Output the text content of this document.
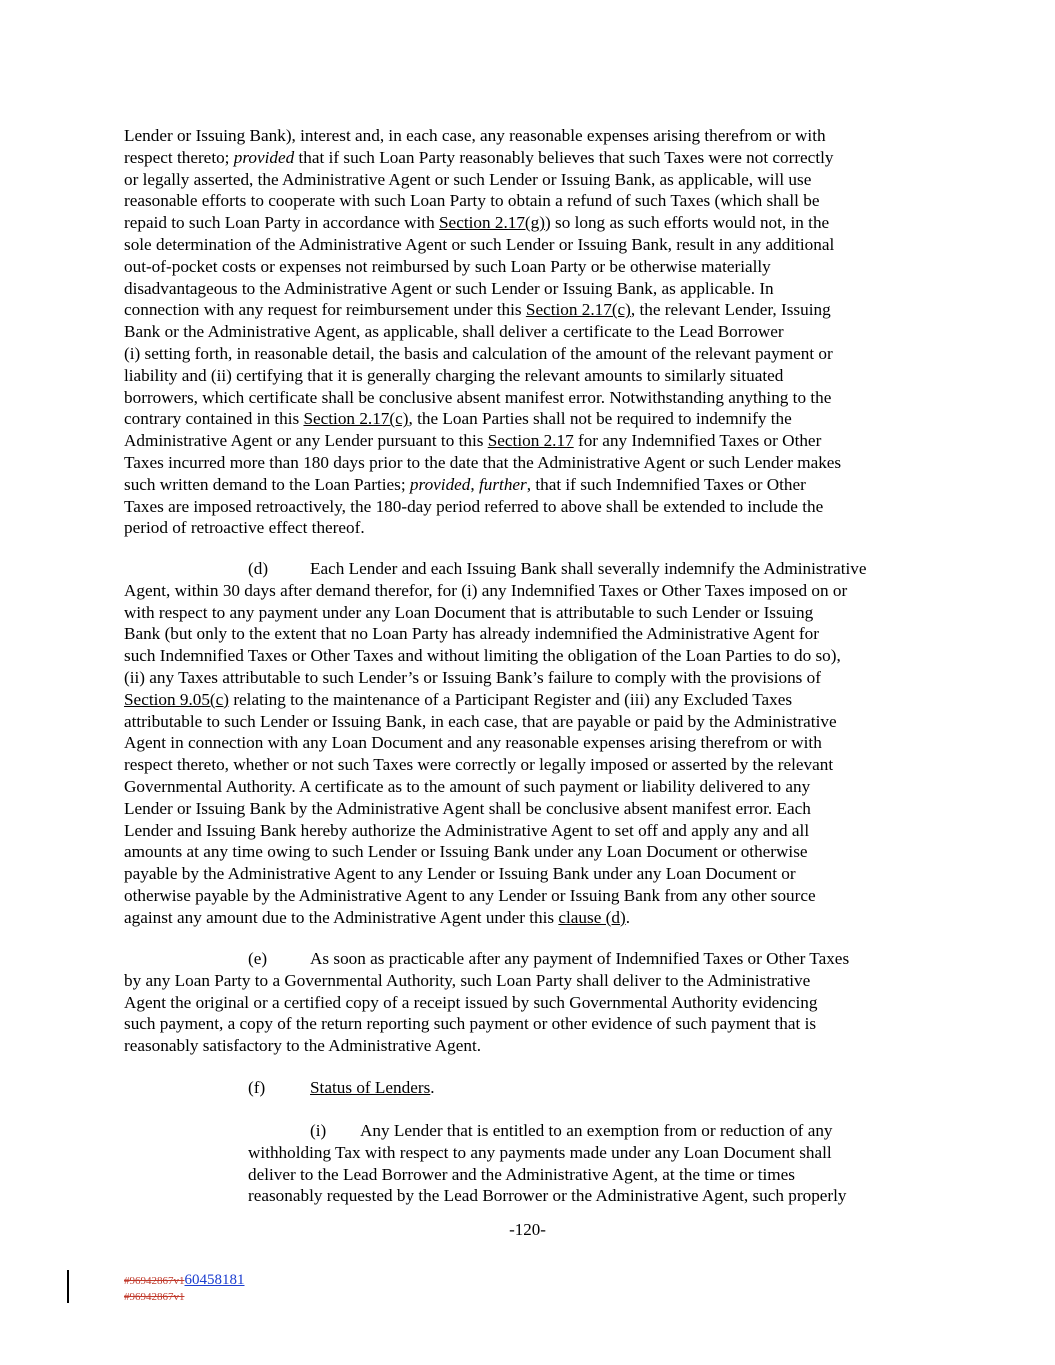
Lender or Issuing Bank), interest and, in each case, any reasonable expenses arising therefrom or with
respect thereto; provided that if such Loan Party reasonably believes that such Taxes were not correctly
or legally asserted, the Administrative Agent or such Lender or Issuing Bank, as applicable, will use
reasonable efforts to cooperate with such Loan Party to obtain a refund of such Taxes (which shall be
repaid to such Loan Party in accordance with Section 2.17(g)) so long as such efforts would not, in the
sole determination of the Administrative Agent or such Lender or Issuing Bank, result in any additional
out-of-pocket costs or expenses not reimbursed by such Loan Party or be otherwise materially
disadvantageous to the Administrative Agent or such Lender or Issuing Bank, as applicable. In
connection with any request for reimbursement under this Section 2.17(c), the relevant Lender, Issuing
Bank or the Administrative Agent, as applicable, shall deliver a certificate to the Lead Borrower
(i) setting forth, in reasonable detail, the basis and calculation of the amount of the relevant payment or
liability and (ii) certifying that it is generally charging the relevant amounts to similarly situated
borrowers, which certificate shall be conclusive absent manifest error. Notwithstanding anything to the
contrary contained in this Section 2.17(c), the Loan Parties shall not be required to indemnify the
Administrative Agent or any Lender pursuant to this Section 2.17 for any Indemnified Taxes or Other
Taxes incurred more than 180 days prior to the date that the Administrative Agent or such Lender makes
such written demand to the Loan Parties; provided, further, that if such Indemnified Taxes or Other
Taxes are imposed retroactively, the 180-day period referred to above shall be extended to include the
period of retroactive effect thereof.
(d) Each Lender and each Issuing Bank shall severally indemnify the Administrative
Agent, within 30 days after demand therefor, for (i) any Indemnified Taxes or Other Taxes imposed on or
with respect to any payment under any Loan Document that is attributable to such Lender or Issuing
Bank (but only to the extent that no Loan Party has already indemnified the Administrative Agent for
such Indemnified Taxes or Other Taxes and without limiting the obligation of the Loan Parties to do so),
(ii) any Taxes attributable to such Lender’s or Issuing Bank’s failure to comply with the provisions of
Section 9.05(c) relating to the maintenance of a Participant Register and (iii) any Excluded Taxes
attributable to such Lender or Issuing Bank, in each case, that are payable or paid by the Administrative
Agent in connection with any Loan Document and any reasonable expenses arising therefrom or with
respect thereto, whether or not such Taxes were correctly or legally imposed or asserted by the relevant
Governmental Authority. A certificate as to the amount of such payment or liability delivered to any
Lender or Issuing Bank by the Administrative Agent shall be conclusive absent manifest error. Each
Lender and Issuing Bank hereby authorize the Administrative Agent to set off and apply any and all
amounts at any time owing to such Lender or Issuing Bank under any Loan Document or otherwise
payable by the Administrative Agent to any Lender or Issuing Bank under any Loan Document or
otherwise payable by the Administrative Agent to any Lender or Issuing Bank from any other source
against any amount due to the Administrative Agent under this clause (d).
(e) As soon as practicable after any payment of Indemnified Taxes or Other Taxes
by any Loan Party to a Governmental Authority, such Loan Party shall deliver to the Administrative
Agent the original or a certified copy of a receipt issued by such Governmental Authority evidencing
such payment, a copy of the return reporting such payment or other evidence of such payment that is
reasonably satisfactory to the Administrative Agent.
(f)	Status of Lenders.
(i) Any Lender that is entitled to an exemption from or reduction of any
withholding Tax with respect to any payments made under any Loan Document shall
deliver to the Lead Borrower and the Administrative Agent, at the time or times
reasonably requested by the Lead Borrower or the Administrative Agent, such properly
-120-
#96942867v160458181
#96942867v1
